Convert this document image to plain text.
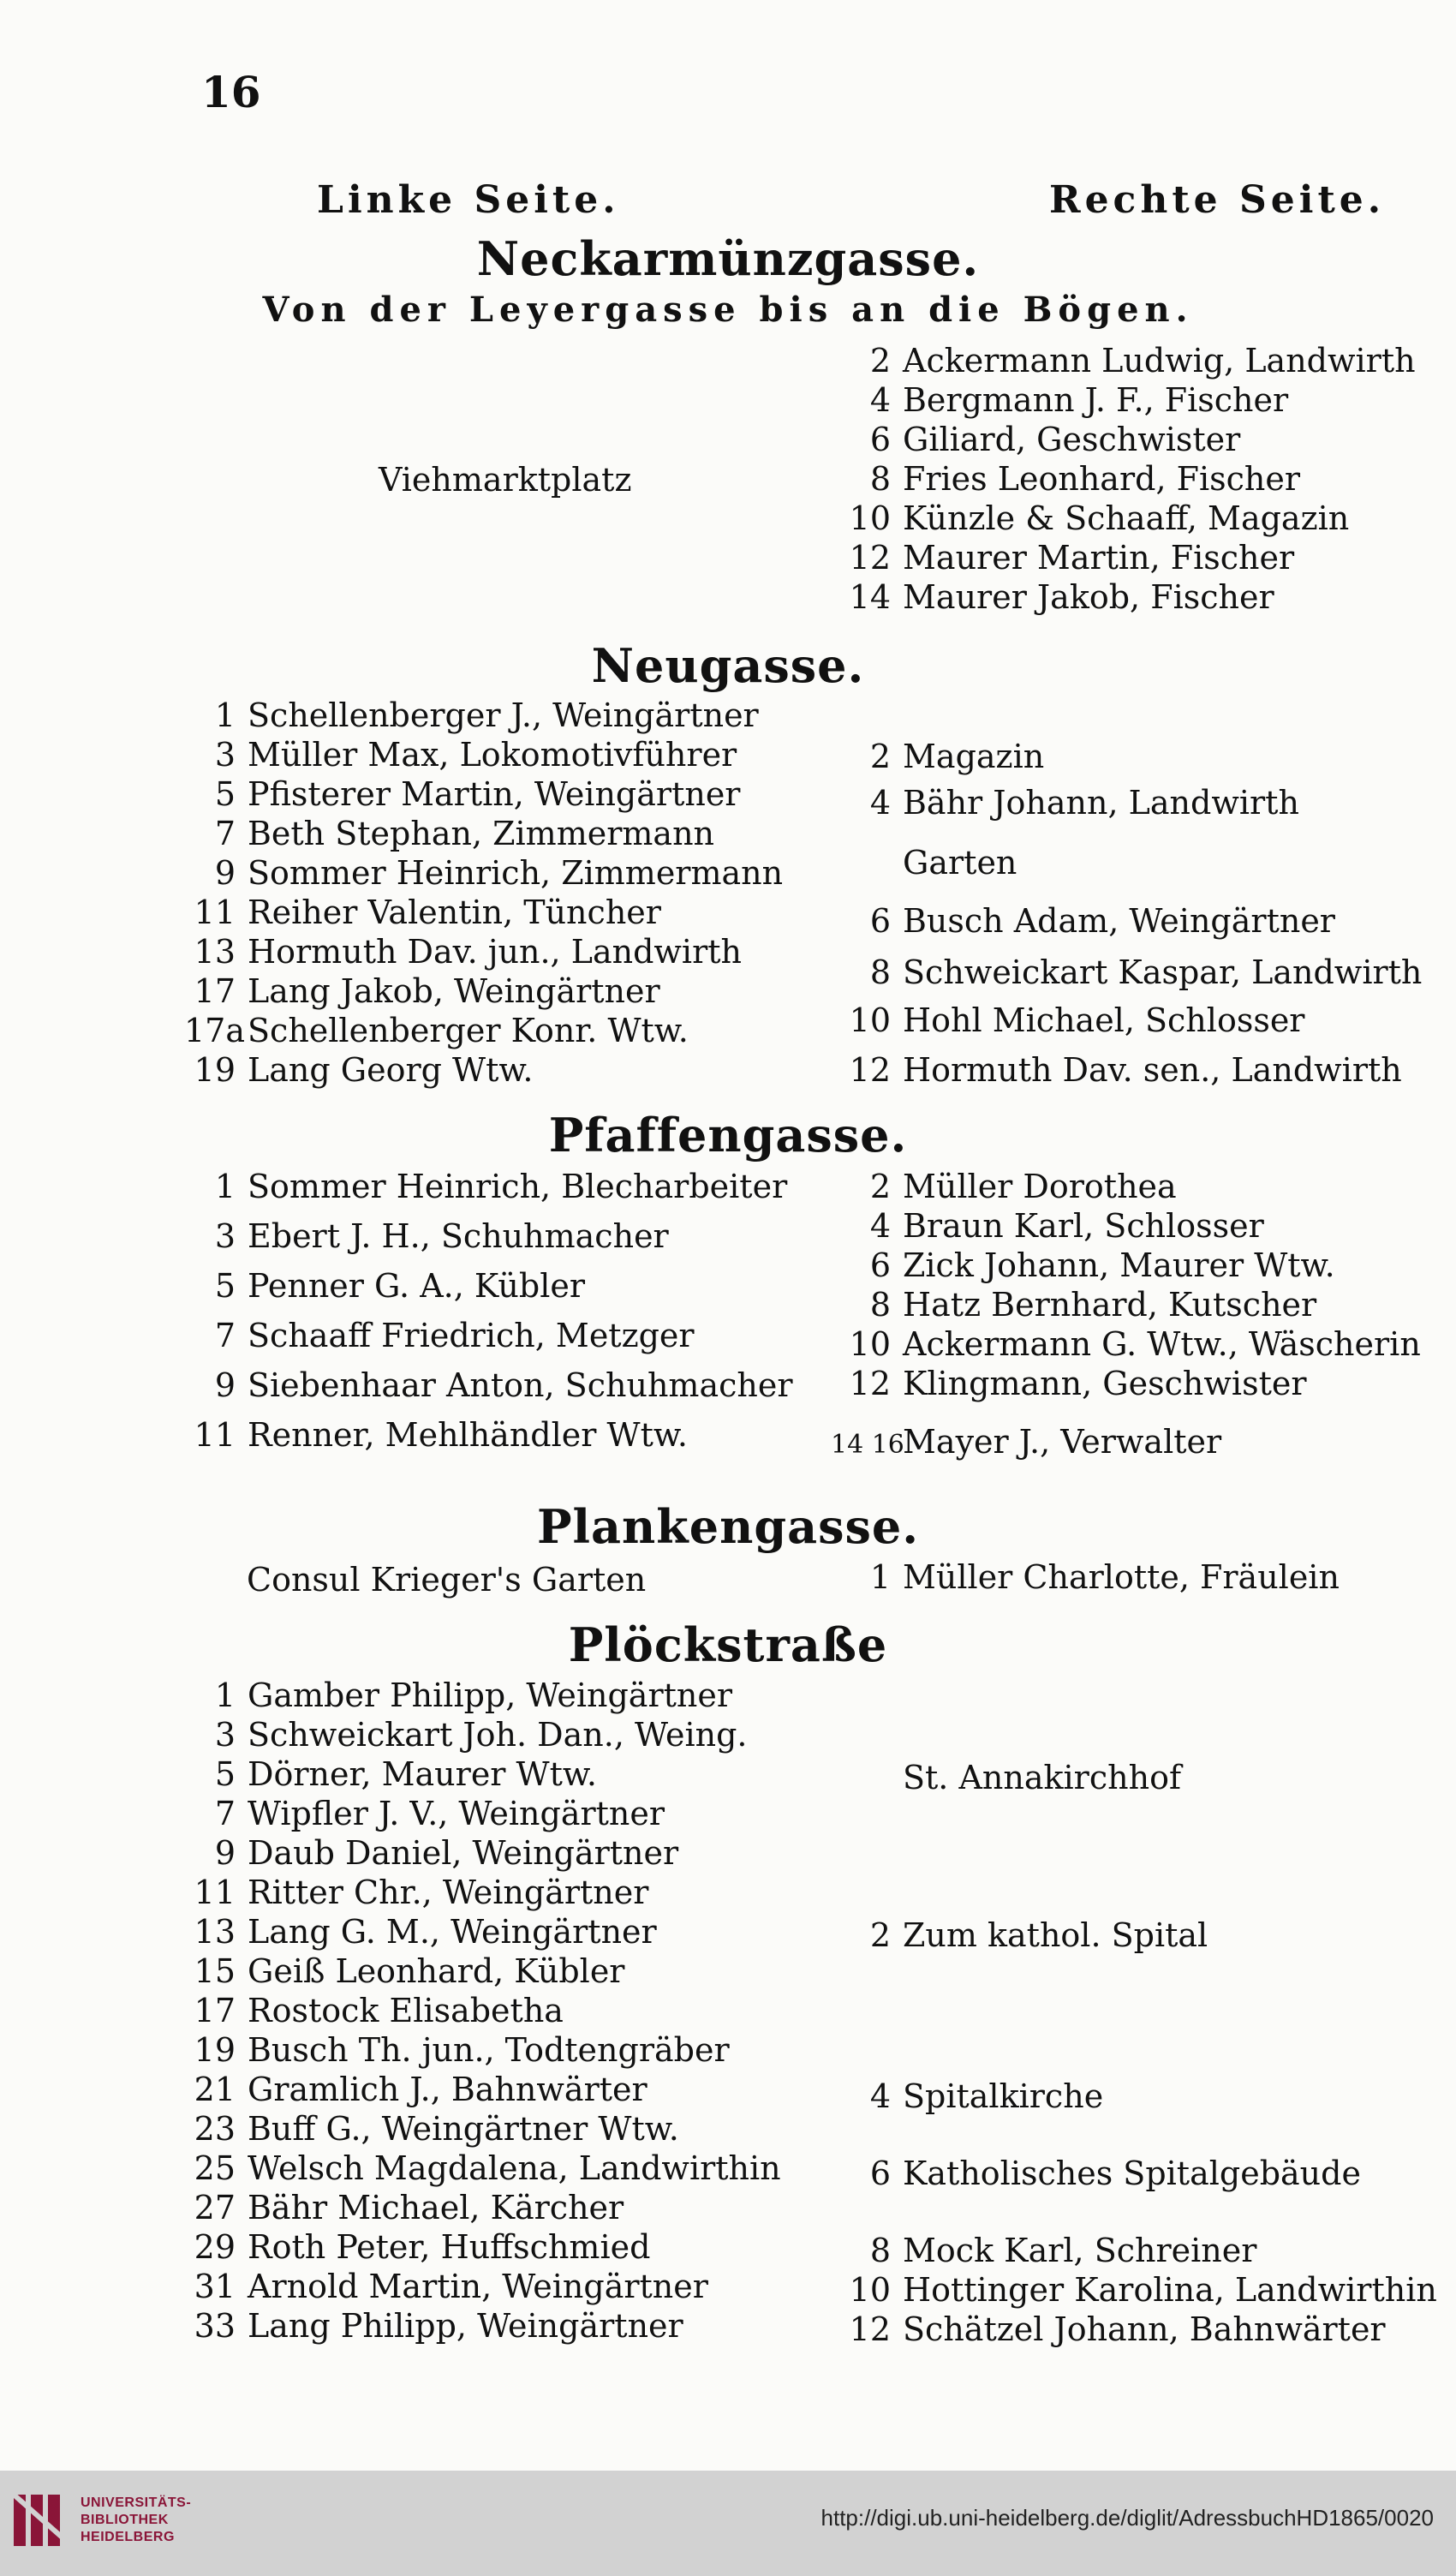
16
Linke Seite.	Rechte Seite.
Neckarmünzgasse.
Von der Leyergasse bis an die Bögen.
Viehmarktplatz
2 Ackermann Ludwig, Landwirth
4 Bergmann J. F., Fischer
6 Giliard, Geschwister
8 Fries Leonhard, Fischer
10 Künzle & Schaaff, Magazin
12 Maurer Martin, Fischer
14 Maurer Jakob, Fischer
Neugasse.
1 Schellenberger J., Weingärtner
3 Müller Max, Lokomotivführer
5 Pfisterer Martin, Weingärtner
7 Beth Stephan, Zimmermann
9 Sommer Heinrich, Zimmermann
11 Reiher Valentin, Tüncher
13 Hormuth Dav. jun., Landwirth
17 Lang Jakob, Weingärtner
17aSchellenberger Konr. Wtw.
19 Lang Georg Wtw.
2 Magazin
4 Bähr Johann, Landwirth
Garten
6 Busch Adam, Weingärtner
8 Schweickart Kaspar, Landwirth
10 Hohl Michael, Schlosser
12 Hormuth Dav. sen., Landwirth
Pfaffengasse.
1 Sommer Heinrich, Blecharbeiter
3 Ebert J. H., Schuhmacher
5 Penner G. A., Kübler
7 Schaaff Friedrich, Metzger
9 Siebenhaar Anton, Schuhmacher
11 Renner, Mehlhändler Wtw.
2 Müller Dorothea
4 Braun Karl, Schlosser
6 Zick Johann, Maurer Wtw.
8 Hatz Bernhard, Kutscher
10 Ackermann G. Wtw., Wäscherin
12 Klingmann, Geschwister
14 16Mayer J., Verwalter
Plankengasse.
Consul Krieger's Garten	1 Müller Charlotte, Fräulein
Plöckstraße
1 Gamber Philipp, Weingärtner
3 Schweickart Joh. Dan., Weing.
5 Dörner, Maurer Wtw.
7 Wipfler J. V., Weingärtner
9 Daub Daniel, Weingärtner
11 Ritter Chr., Weingärtner
13 Lang G. M., Weingärtner
15 Geiß Leonhard, Kübler
17 Rostock Elisabetha
19 Busch Th. jun., Todtengräber
21 Gramlich J., Bahnwärter
23 Buff G., Weingärtner Wtw.
25 Welsch Magdalena, Landwirthin
27 Bähr Michael, Kärcher
29 Roth Peter, Huffschmied
31 Arnold Martin, Weingärtner
33 Lang Philipp, Weingärtner
St. Annakirchhof
2 Zum kathol. Spital
4 Spitalkirche
6 Katholisches Spitalgebäude
8 Mock Karl, Schreiner
10 Hottinger Karolina, Landwirthin
12 Schätzel Johann, Bahnwärter
UNIVERSITÄTS-
BIBLIOTHEK
HEIDELBERG
http://digi.ub.uni-heidelberg.de/diglit/AdressbuchHD1865/0020
